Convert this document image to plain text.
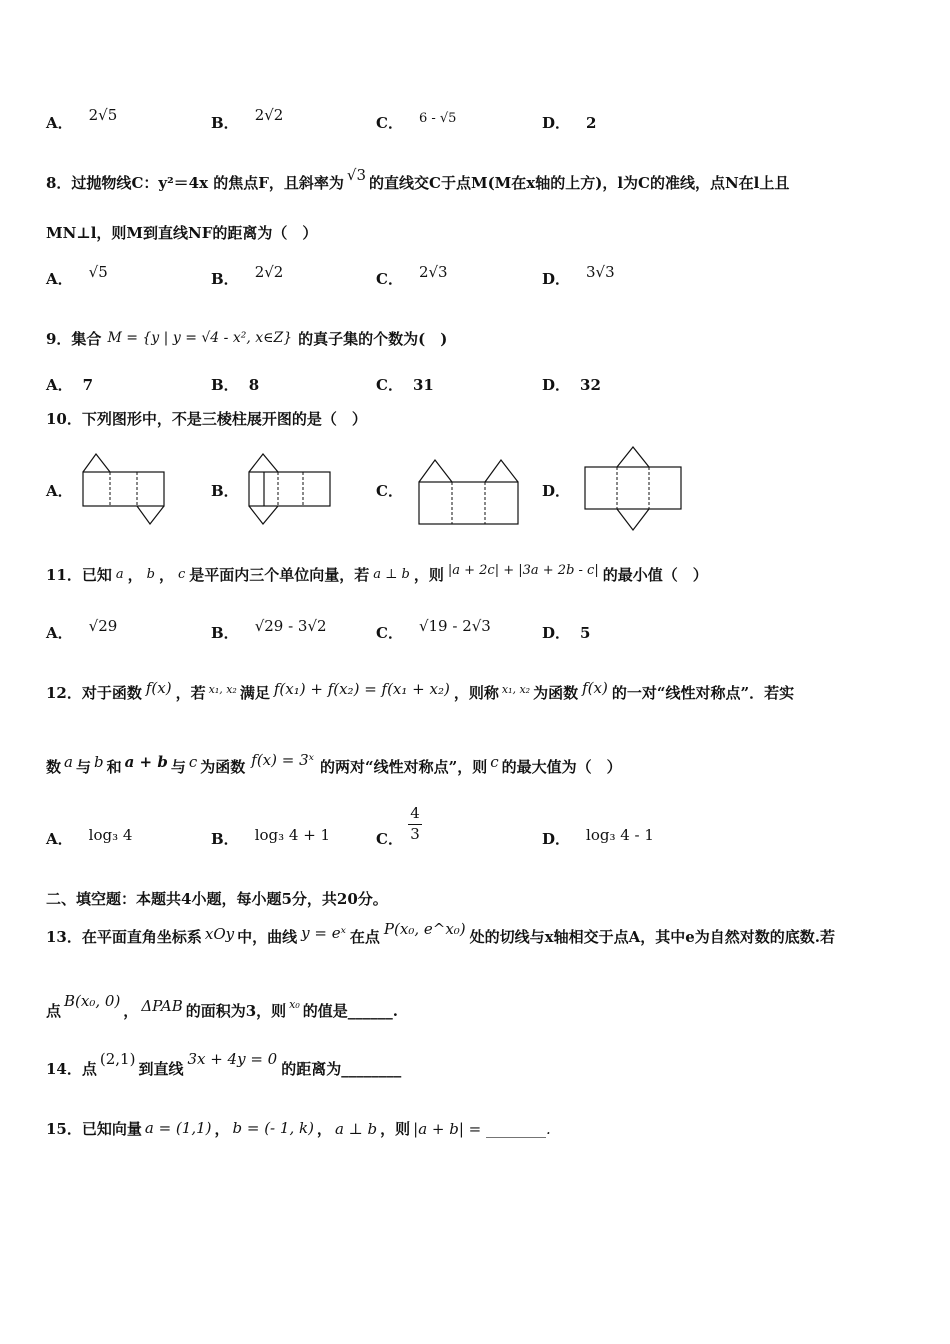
A． 2√5	B． 2√2	C． 6 - √5	D． 2
8．过抛物线C：y²＝4x 的焦点F，且斜率为 √3 的直线交C于点M(M在x轴的上方)，l为C的准线，点N在l上且
MN⊥l，则M到直线NF的距离为（　）
A． √5	B． 2√2	C． 2√3	D． 3√3
9．集合 M = {y | y = √4 - x², x∈Z} 的真子集的个数为(　)
A． 7	B． 8	C． 31	D． 32
10．下列图形中，不是三棱柱展开图的是（　）
A．	B．	C．	D．
11．已知 a ， b ， c 是平面内三个单位向量，若 a ⊥ b ，则 |a + 2c| + |3a + 2b - c| 的最小值（　）
A． √29	B． √29 - 3√2	C． √19 - 2√3	D． 5
12．对于函数 f(x) ，若 $^{x_1, x_2}$ 满足 f(x₁) + f(x₂) = f(x₁ + x₂) ，则称 $^{x_1, x_2}$ 为函数 f(x) 的一对“线性对称点”．若实
数 a 与 b 和 a + b 与 c 为函数 f(x) = 3ˣ 的两对“线性对称点”，则 c 的最大值为（　）
A． log₃ 4	B． log₃ 4 + 1	C． $\frac{4}{3}$	D． log₃ 4 - 1
二、填空题：本题共4小题，每小题5分，共20分。
13．在平面直角坐标系 xOy 中，曲线 y = eˣ 在点 P(x₀, e^x₀) 处的切线与x轴相交于点A，其中e为自然对数的底数.若
点B(x₀, 0)， ΔPAB 的面积为3，则 $^{x_0}$ 的值是______.
14．点(2,1)到直线3x + 4y = 0的距离为________
15．已知向量 a = (1,1) ， b = (- 1, k) ， a ⊥ b ，则 |a + b| = ________.
